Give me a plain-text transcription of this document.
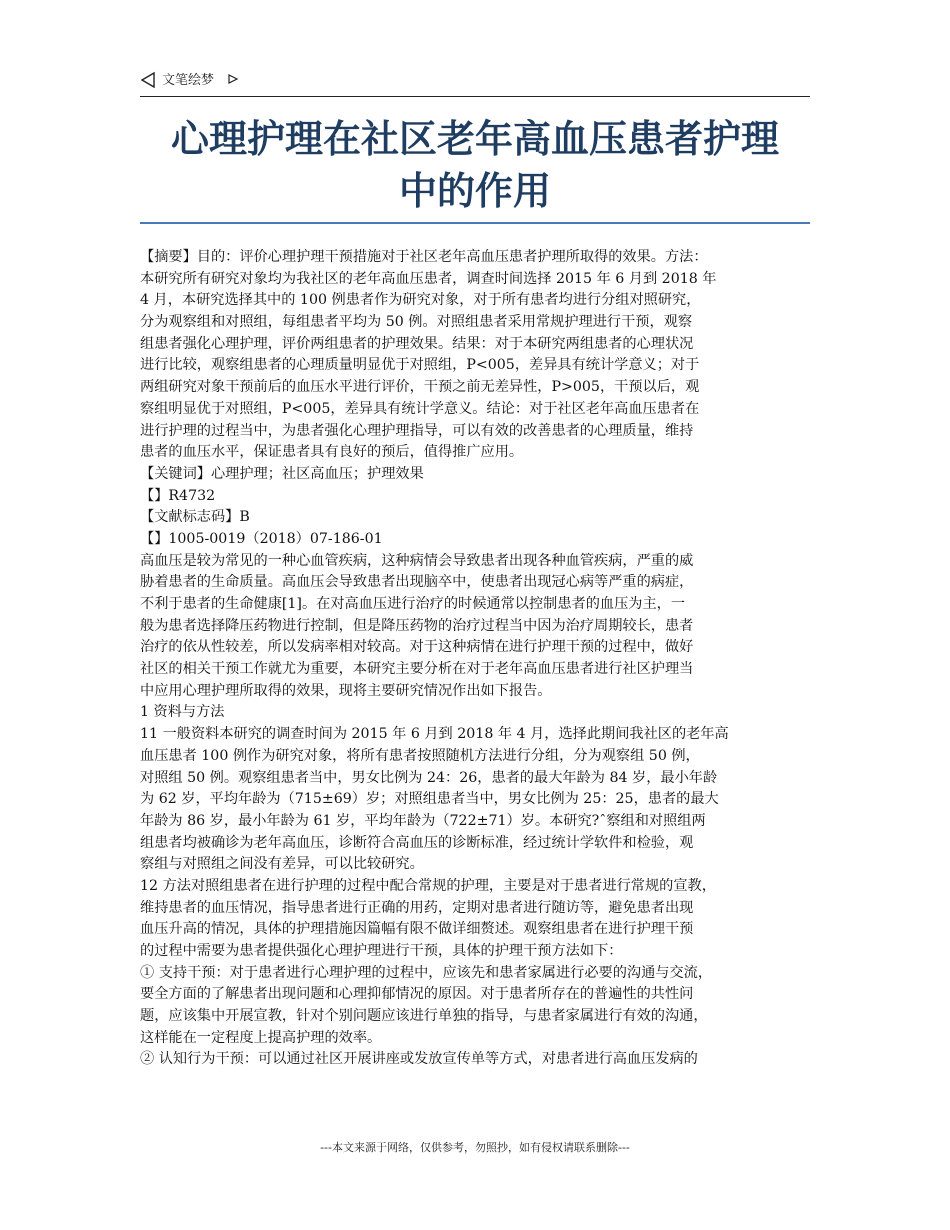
文笔绘梦
心理护理在社区老年高血压患者护理
中的作用
【摘要】目的：评价心理护理干预措施对于社区老年高血压患者护理所取得的效果。方法：
本研究所有研究对象均为我社区的老年高血压患者，调查时间选择 2015 年 6 月到 2018 年
4 月，本研究选择其中的 100 例患者作为研究对象，对于所有患者均进行分组对照研究，
分为观察组和对照组，每组患者平均为 50 例。对照组患者采用常规护理进行干预，观察
组患者强化心理护理，评价两组患者的护理效果。结果：对于本研究两组患者的心理状况
进行比较，观察组患者的心理质量明显优于对照组，P<005，差异具有统计学意义；对于
两组研究对象干预前后的血压水平进行评价，干预之前无差异性，P>005，干预以后，观
察组明显优于对照组，P<005，差异具有统计学意义。结论：对于社区老年高血压患者在
进行护理的过程当中，为患者强化心理护理指导，可以有效的改善患者的心理质量，维持
患者的血压水平，保证患者具有良好的预后，值得推广应用。
【关键词】心理护理；社区高血压；护理效果
【】R4732
【文献标志码】B
【】1005-0019（2018）07-186-01
高血压是较为常见的一种心血管疾病，这种病情会导致患者出现各种血管疾病，严重的威
胁着患者的生命质量。高血压会导致患者出现脑卒中，使患者出现冠心病等严重的病症，
不利于患者的生命健康[1]。在对高血压进行治疗的时候通常以控制患者的血压为主，一
般为患者选择降压药物进行控制，但是降压药物的治疗过程当中因为治疗周期较长，患者
治疗的依从性较差，所以发病率相对较高。对于这种病情在进行护理干预的过程中，做好
社区的相关干预工作就尤为重要，本研究主要分析在对于老年高血压患者进行社区护理当
中应用心理护理所取得的效果，现将主要研究情况作出如下报告。
1 资料与方法
11 一般资料本研究的调查时间为 2015 年 6 月到 2018 年 4 月，选择此期间我社区的老年高
血压患者 100 例作为研究对象，将所有患者按照随机方法进行分组，分为观察组 50 例，
对照组 50 例。观察组患者当中，男女比例为 24：26，患者的最大年龄为 84 岁，最小年龄
为 62 岁，平均年龄为（715±69）岁；对照组患者当中，男女比例为 25：25，患者的最大
年龄为 86 岁，最小年龄为 61 岁，平均年龄为（722±71）岁。本研究?ˆ察组和对照组两
组患者均被确诊为老年高血压，诊断符合高血压的诊断标准，经过统计学软件和检验，观
察组与对照组之间没有差异，可以比较研究。
12 方法对照组患者在进行护理的过程中配合常规的护理，主要是对于患者进行常规的宣教，
维持患者的血压情况，指导患者进行正确的用药，定期对患者进行随访等，避免患者出现
血压升高的情况，具体的护理措施因篇幅有限不做详细赘述。观察组患者在进行护理干预
的过程中需要为患者提供强化心理护理进行干预，具体的护理干预方法如下：
① 支持干预：对于患者进行心理护理的过程中，应该先和患者家属进行必要的沟通与交流，
要全方面的了解患者出现问题和心理抑郁情况的原因。对于患者所存在的普遍性的共性问
题，应该集中开展宣教，针对个别问题应该进行单独的指导，与患者家属进行有效的沟通，
这样能在一定程度上提高护理的效率。
② 认知行为干预：可以通过社区开展讲座或发放宣传单等方式，对患者进行高血压发病的
---本文来源于网络，仅供参考，勿照抄，如有侵权请联系删除---
